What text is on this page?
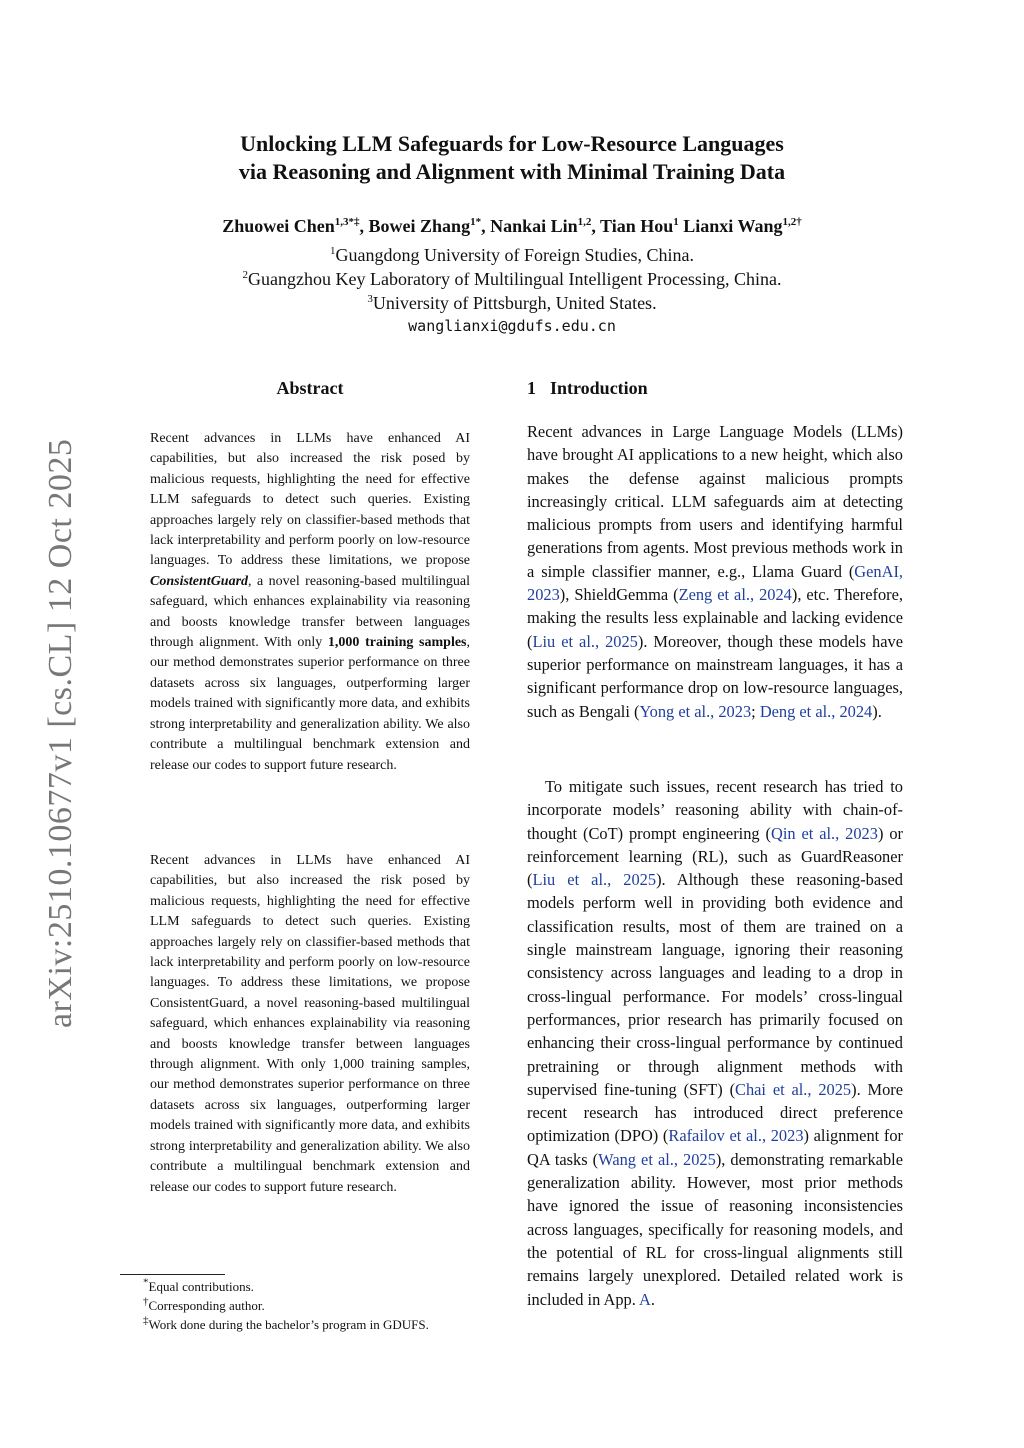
arXiv:2510.10677v1 [cs.CL] 12 Oct 2025
Unlocking LLM Safeguards for Low-Resource Languages
via Reasoning and Alignment with Minimal Training Data
Zhuowei Chen$^{1,3*\ddagger}$, Bowei Zhang$^{1*}$, Nankai Lin$^{1,2}$, Tian Hou$^1$ Lianxi Wang$^{1,2\dagger}$
$^1$Guangdong University of Foreign Studies, China.
$^2$Guangzhou Key Laboratory of Multilingual Intelligent Processing, China.
$^3$University of Pittsburgh, United States.
wanglianxi@gdufs.edu.cn
Abstract

Recent advances in LLMs have enhanced AI capabilities, but also increased the risk posed by malicious requests, highlighting the need for effective LLM safeguards to detect such queries. Existing approaches largely rely on classifier-based methods that lack interpretability and perform poorly on low-resource languages. To address these limitations, we propose ConsistentGuard, a novel reasoning-based multilingual safeguard, which enhances explainability via reasoning and boosts knowledge transfer between languages through alignment. With only 1,000 training samples, our method demonstrates superior performance on three datasets across six languages, outperforming larger models trained with significantly more data, and exhibits strong interpretability and generalization ability. We also contribute a multilingual benchmark extension and release our codes to support future research.

Recent advances in LLMs have enhanced AI capabilities, but also increased the risk posed by malicious requests, highlighting the need for effective LLM safeguards to detect such queries. Existing approaches largely rely on classifier-based methods that lack interpretability and perform poorly on low-resource languages. To address these limitations, we propose ConsistentGuard, a novel reasoning-based multilingual safeguard, which enhances explainability via reasoning and boosts knowledge transfer between languages through alignment. With only 1,000 training samples, our method demonstrates superior performance on three datasets across six languages, outperforming larger models trained with significantly more data, and exhibits strong interpretability and generalization ability. We also contribute a multilingual benchmark extension and release our codes to support future research.

1 Introduction

Recent advances in Large Language Models (LLMs) have brought AI applications to a new height, which also makes the defense against malicious prompts increasingly critical. LLM safeguards aim at detecting malicious prompts from users and identifying harmful generations from agents. Most previous methods work in a simple classifier manner, e.g., Llama Guard (GenAI, 2023), ShieldGemma (Zeng et al., 2024), etc. Therefore, making the results less explainable and lacking evidence (Liu et al., 2025). Moreover, though these models have superior performance on mainstream languages, it has a significant performance drop on low-resource languages, such as Bengali (Yong et al., 2023; Deng et al., 2024).

To mitigate such issues, recent research has tried to incorporate models’ reasoning ability with chain-of-thought (CoT) prompt engineering (Qin et al., 2023) or reinforcement learning (RL), such as GuardReasoner (Liu et al., 2025). Although these reasoning-based models perform well in providing both evidence and classification results, most of them are trained on a single mainstream language, ignoring their reasoning consistency across languages and leading to a drop in cross-lingual performance. For models’ cross-lingual performances, prior research has primarily focused on enhancing their cross-lingual performance by continued pretraining or through alignment methods with supervised fine-tuning (SFT) (Chai et al., 2025). More recent research has introduced direct preference optimization (DPO) (Rafailov et al., 2023) alignment for QA tasks (Wang et al., 2025), demonstrating remarkable generalization ability. However, most prior methods have ignored the issue of reasoning inconsistencies across languages, specifically for reasoning models, and the potential of RL for cross-lingual alignments still remains largely unexplored. Detailed related work is included in App. A.

*Equal contributions.
†Corresponding author.
‡Work done during the bachelor’s program in GDUFS.
